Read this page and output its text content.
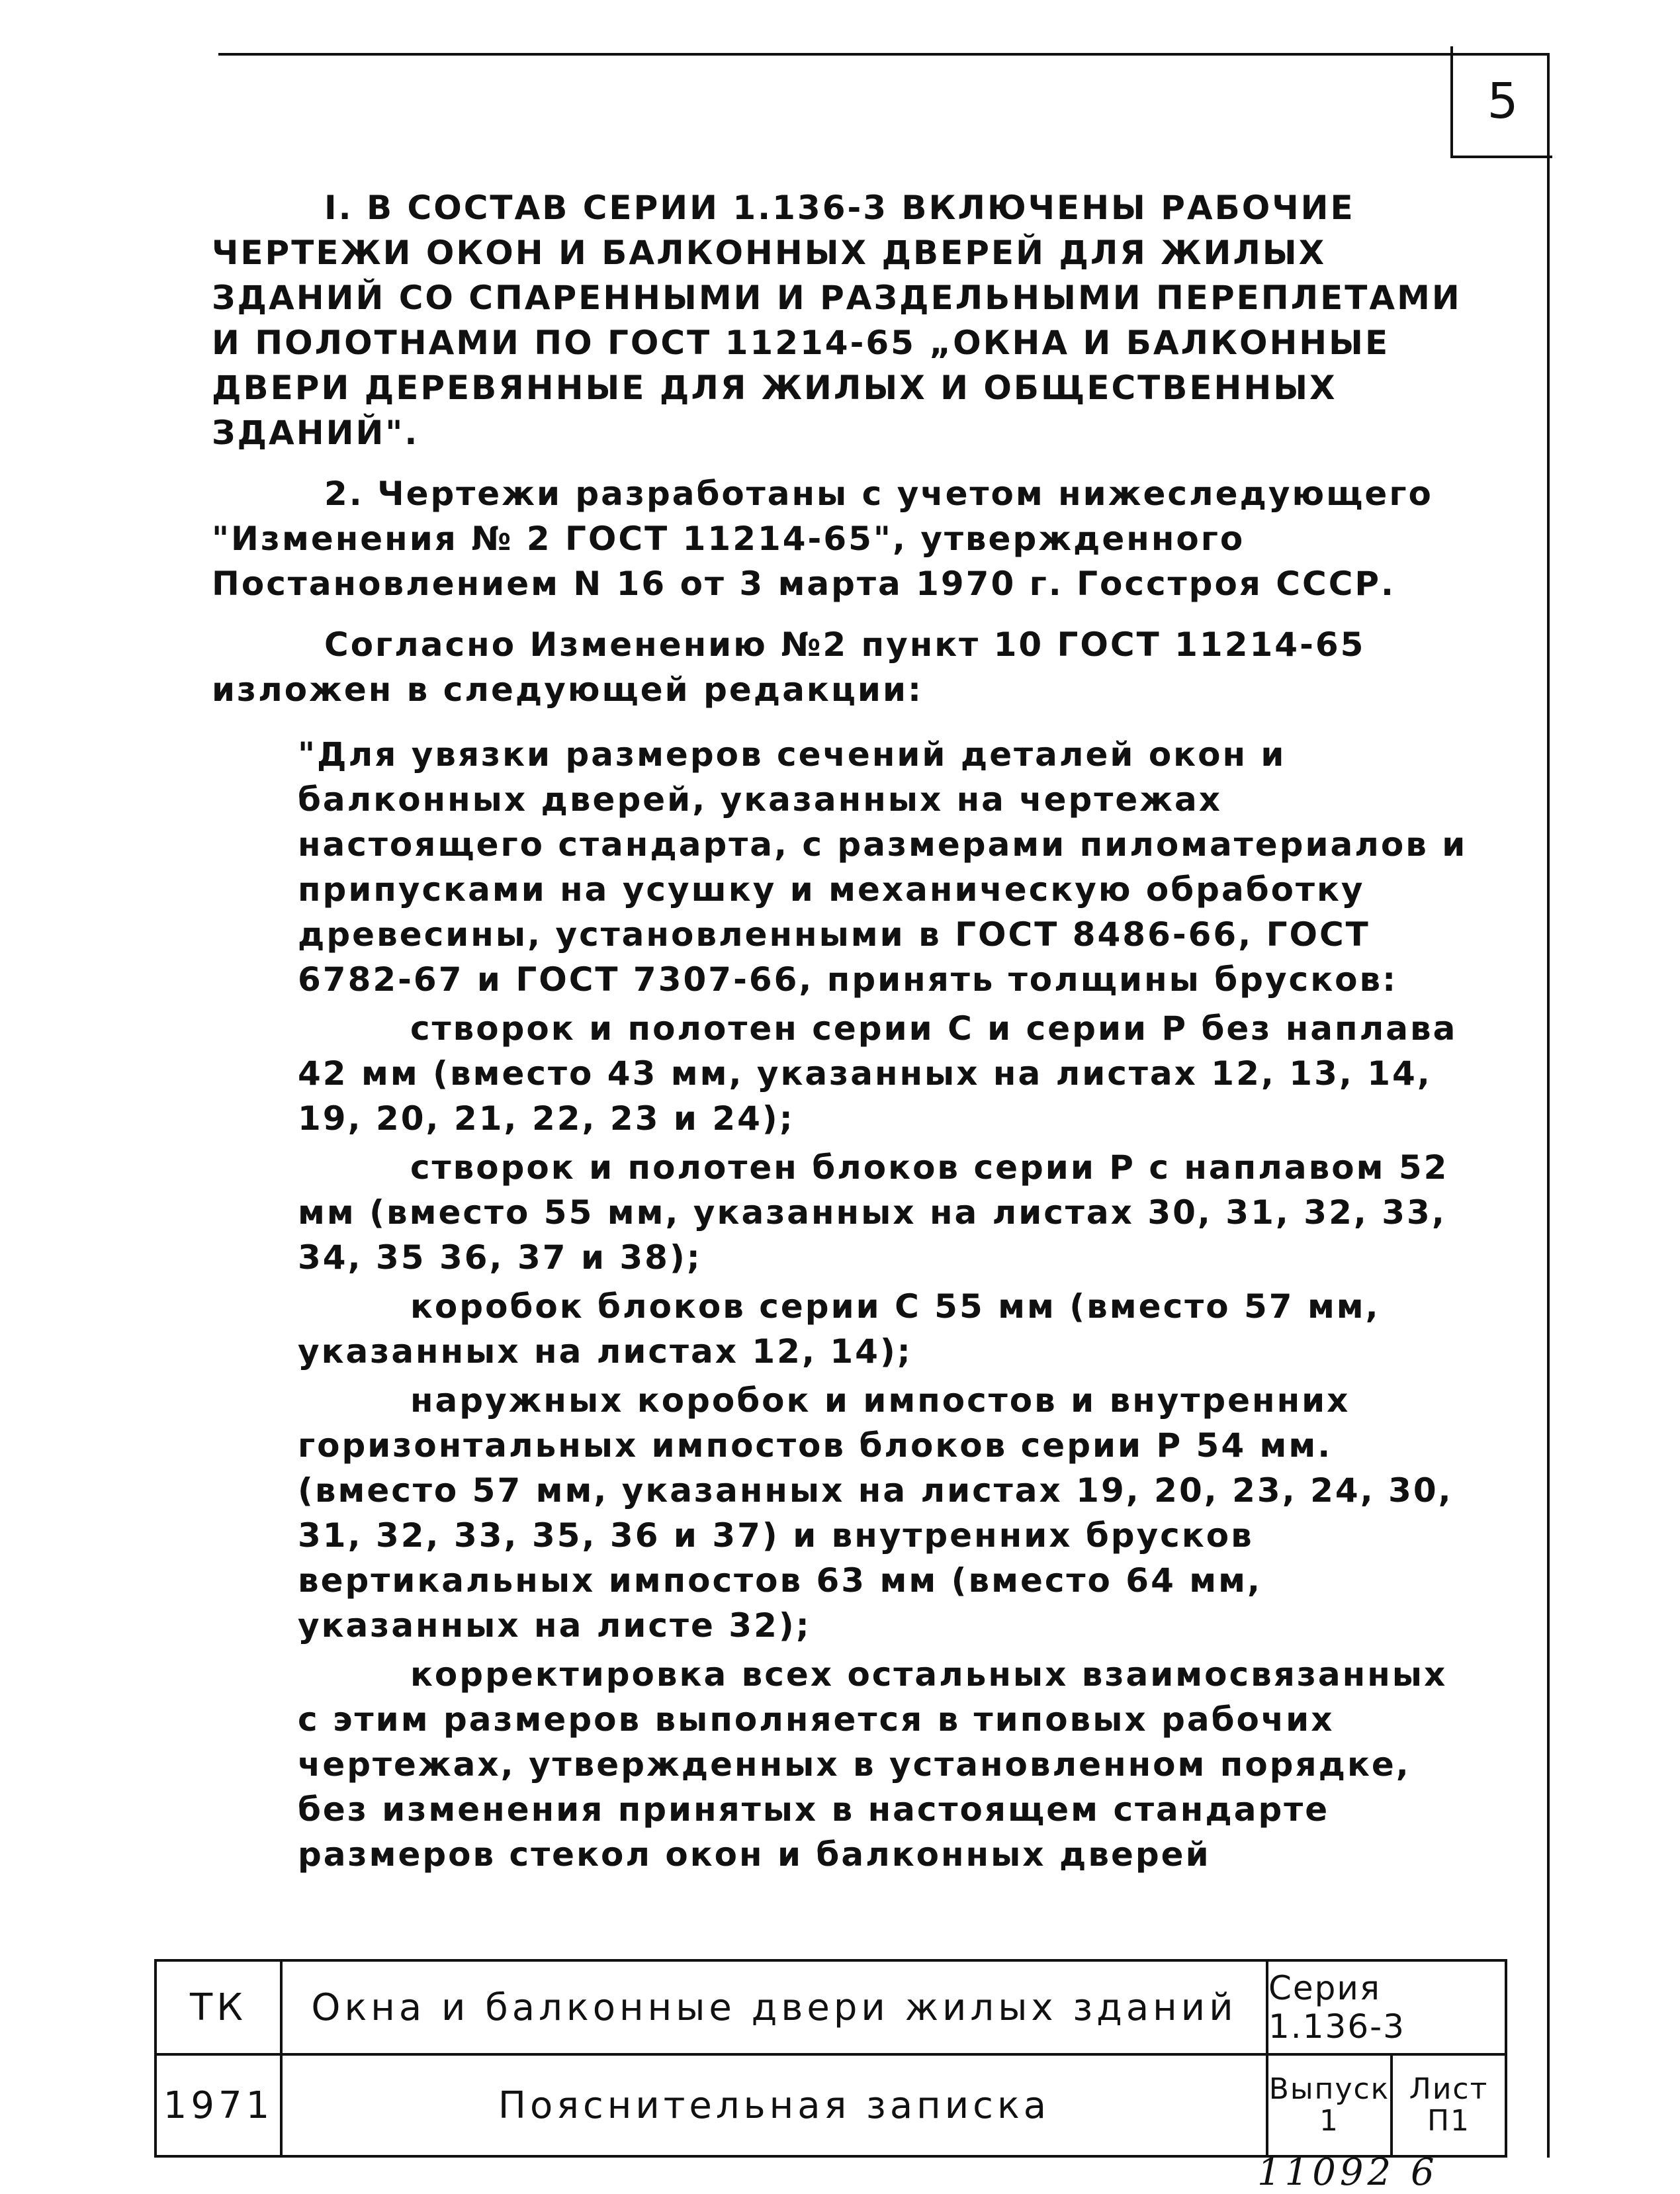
5

I. В СОСТАВ СЕРИИ 1.136-3 ВКЛЮЧЕНЫ РАБОЧИЕ ЧЕРТЕЖИ ОКОН И БАЛКОННЫХ ДВЕРЕЙ ДЛЯ ЖИЛЫХ ЗДАНИЙ СО СПАРЕННЫМИ И РАЗДЕЛЬНЫМИ ПЕРЕПЛЕТАМИ И ПОЛОТНАМИ ПО ГОСТ 11214-65 „ОКНА И БАЛКОННЫЕ ДВЕРИ ДЕРЕВЯННЫЕ ДЛЯ ЖИЛЫХ И ОБЩЕСТВЕННЫХ ЗДАНИЙ".

2. Чертежи разработаны с учетом нижеследующего "Изменения № 2 ГОСТ 11214-65", утвержденного Постановлением N 16 от 3 марта 1970 г. Госстроя СССР.

Согласно Изменению №2 пункт 10 ГОСТ 11214-65 изложен в следующей редакции:

"Для увязки размеров сечений деталей окон и балконных дверей, указанных на чертежах настоящего стандарта, с размерами пиломатериалов и припусками на усушку и механическую обработку древесины, установленными в ГОСТ 8486-66, ГОСТ 6782-67 и ГОСТ 7307-66, принять толщины брусков:

створок и полотен серии С и серии Р без наплава 42 мм (вместо 43 мм, указанных на листах 12, 13, 14, 19, 20, 21, 22, 23 и 24);

створок и полотен блоков серии Р с наплавом 52 мм (вместо 55 мм, указанных на листах 30, 31, 32, 33, 34, 35 36, 37 и 38);

коробок блоков серии С 55 мм (вместо 57 мм, указанных на листах 12, 14);

наружных коробок и импостов и внутренних горизонтальных импостов блоков серии Р 54 мм. (вместо 57 мм, указанных на листах 19, 20, 23, 24, 30, 31, 32, 33, 35, 36 и 37) и внутренних брусков вертикальных импостов 63 мм (вместо 64 мм, указанных на листе 32);

корректировка всех остальных взаимосвязанных с этим размеров выполняется в типовых рабочих чертежах, утвержденных в установленном порядке, без изменения принятых в настоящем стандарте размеров стекол окон и балконных дверей

ТК
1971
Окна и балконные двери жилых зданий
Пояснительная записка
Серия 1.136-3
Выпуск
1
Лист
П1
11092 6
